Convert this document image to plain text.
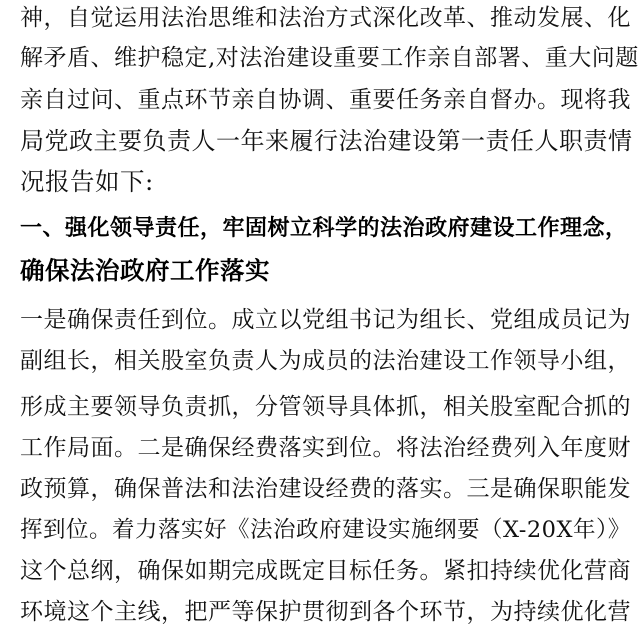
神，自觉运用法治思维和法治方式深化改革、推动发展、化
解矛盾、维护稳定,对法治建设重要工作亲自部署、重大问题
亲自过问、重点环节亲自协调、重要任务亲自督办。现将我
局党政主要负责人一年来履行法治建设第一责任人职责情
况报告如下:
一、强化领导责任，牢固树立科学的法治政府建设工作理念，
确保法治政府工作落实
一是确保责任到位。成立以党组书记为组长、党组成员记为
副组长，相关股室负责人为成员的法治建设工作领导小组，
形成主要领导负责抓，分管领导具体抓，相关股室配合抓的
工作局面。二是确保经费落实到位。将法治经费列入年度财
政预算，确保普法和法治建设经费的落实。三是确保职能发
挥到位。着力落实好《法治政府建设实施纲要（X-20X年）》
这个总纲，确保如期完成既定目标任务。紧扣持续优化营商
环境这个主线，把严等保护贯彻到各个环节，为持续优化营
